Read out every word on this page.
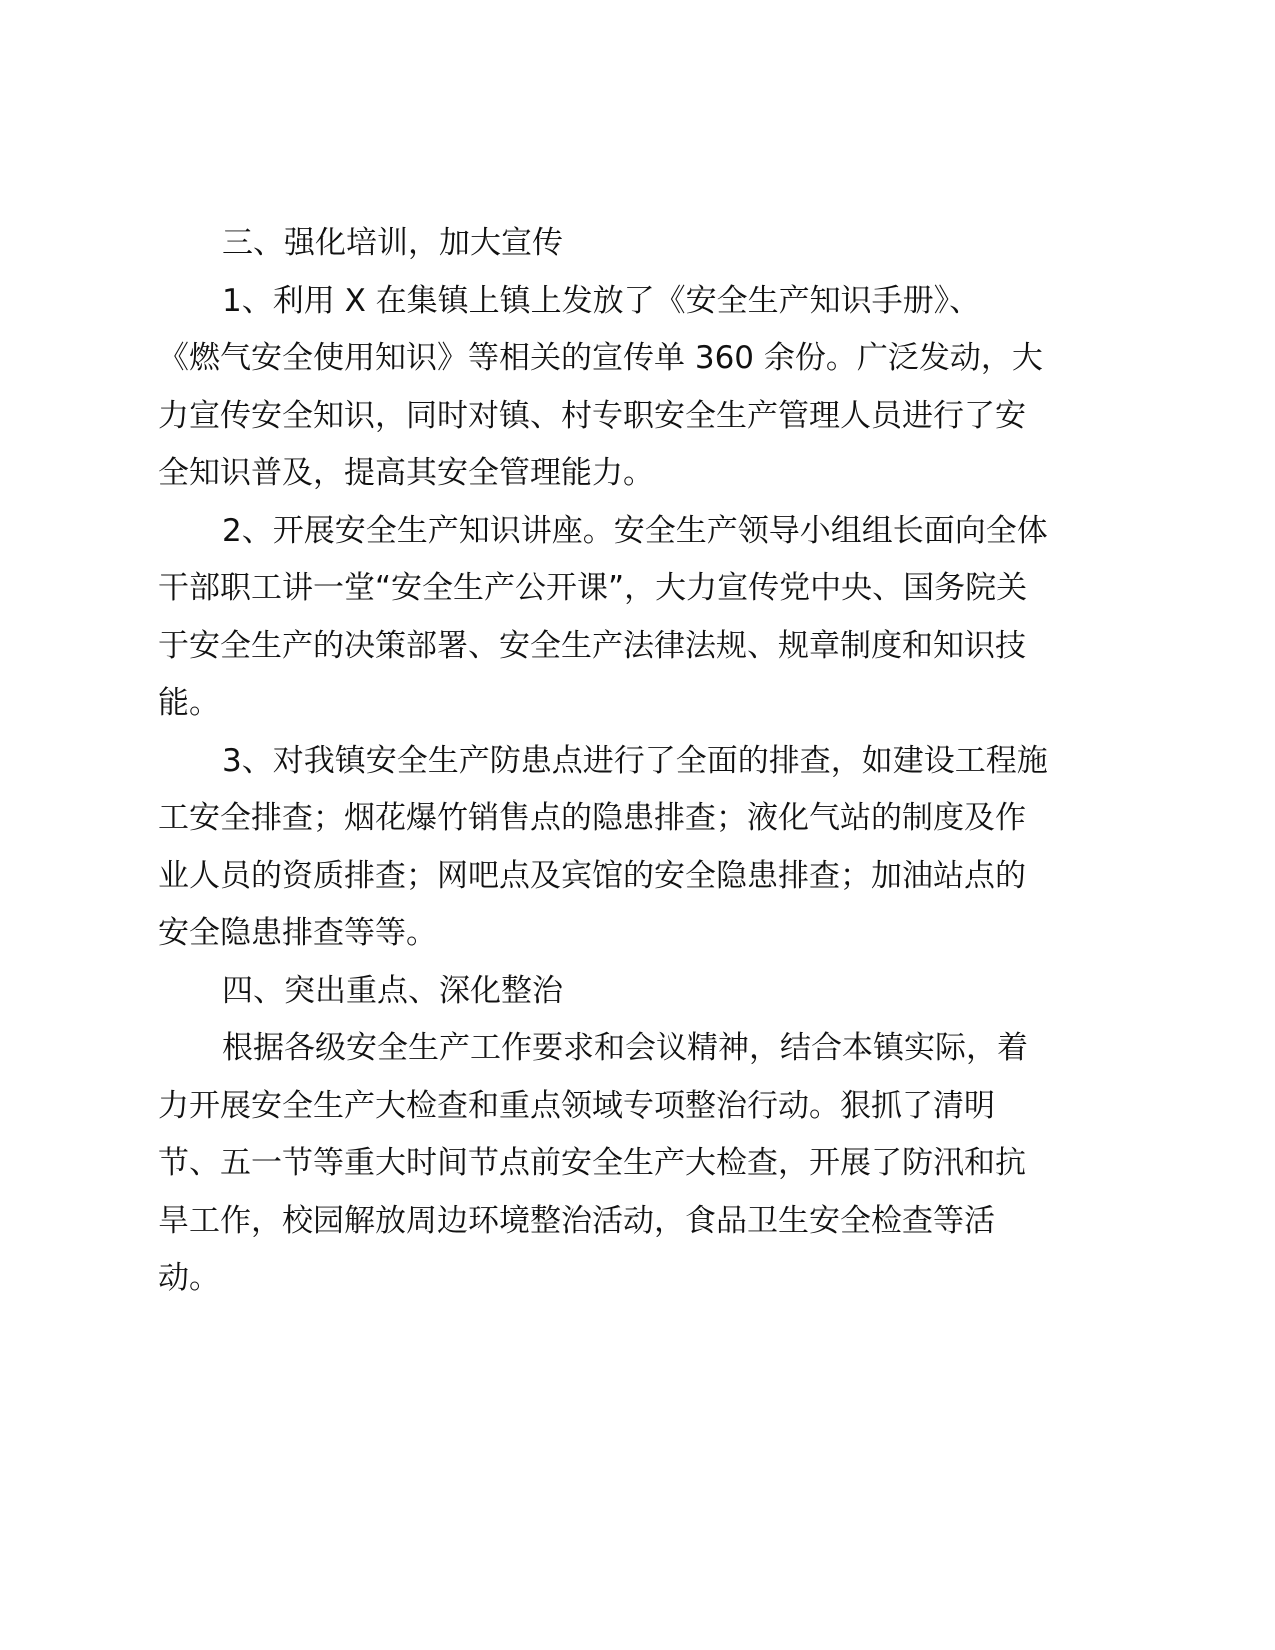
三、强化培训，加大宣传
1、利用 X 在集镇上镇上发放了《安全生产知识手册》、
《燃气安全使用知识》等相关的宣传单 360 余份。广泛发动，大
力宣传安全知识，同时对镇、村专职安全生产管理人员进行了安
全知识普及，提高其安全管理能力。
2、开展安全生产知识讲座。安全生产领导小组组长面向全体
干部职工讲一堂“安全生产公开课”，大力宣传党中央、国务院关
于安全生产的决策部署、安全生产法律法规、规章制度和知识技
能。
3、对我镇安全生产防患点进行了全面的排查，如建设工程施
工安全排查；烟花爆竹销售点的隐患排查；液化气站的制度及作
业人员的资质排查；网吧点及宾馆的安全隐患排查；加油站点的
安全隐患排查等等。
四、突出重点、深化整治
根据各级安全生产工作要求和会议精神，结合本镇实际，着
力开展安全生产大检查和重点领域专项整治行动。狠抓了清明
节、五一节等重大时间节点前安全生产大检查，开展了防汛和抗
旱工作，校园解放周边环境整治活动，食品卫生安全检查等活
动。
